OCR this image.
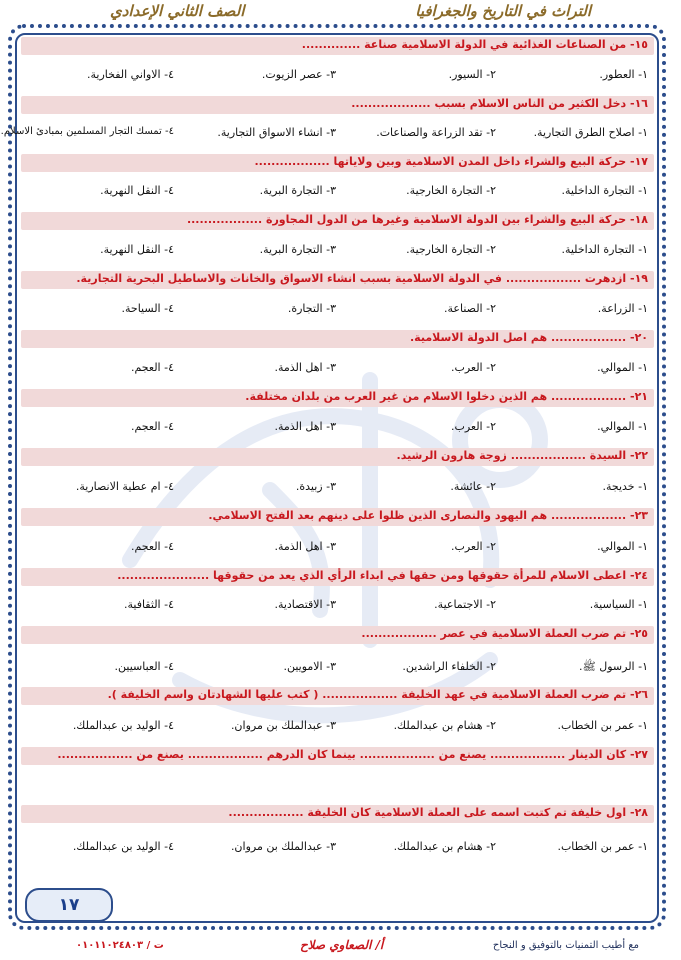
التراث في التاريخ والجغرافيا
الصف الثاني الإعدادي
١٥- من الصناعات الغذائية في الدولة الاسلامية صناعة ..............
١- العطور.
٢- السيور.
٣- عصر الزيوت.
٤- الاواني الفخارية.
١٦- دخل الكثير من الناس الاسلام بسبب ...................
١- اصلاح الطرق التجارية.
٢- تقد الزراعة والصناعات.
٣- انشاء الاسواق التجارية.
٤- تمسك التجار المسلمين بمبادئ الاسلام.
١٧- حركة البيع والشراء داخل المدن الاسلامية وبين ولاياتها ..................
١- التجارة الداخلية.
٢- التجارة الخارجية.
٣- التجارة البرية.
٤- النقل النهرية.
١٨- حركة البيع والشراء بين الدولة الاسلامية وغيرها من الدول المجاورة ..................
١- التجارة الداخلية.
٢- التجارة الخارجية.
٣- التجارة البرية.
٤- النقل النهرية.
١٩- ازدهرت .................. في الدولة الاسلامية بسبب انشاء الاسواق والخانات والاساطيل البحرية التجارية.
١- الزراعة.
٢- الصناعة.
٣- التجارة.
٤- السياحة.
٢٠- .................. هم اصل الدولة الاسلامية.
١- الموالي.
٢- العرب.
٣- اهل الذمة.
٤- العجم.
٢١- .................. هم الذين دخلوا الاسلام من غير العرب من بلدان مختلفة.
١- الموالي.
٢- العرب.
٣- اهل الذمة.
٤- العجم.
٢٢- السيدة .................. زوجة هارون الرشيد.
١- خديجة.
٢- عائشة.
٣- زبيدة.
٤- ام عطية الانصارية.
٢٣- .................. هم اليهود والنصارى الذين ظلوا على دينهم بعد الفتح الاسلامي.
١- الموالي.
٢- العرب.
٣- اهل الذمة.
٤- العجم.
٢٤- اعطى الاسلام للمرأة حقوقها ومن حقها في ابداء الرأي الذي يعد من حقوقها ......................
١- السياسية.
٢- الاجتماعية.
٣- الاقتصادية.
٤- الثقافية.
٢٥- تم ضرب العملة الاسلامية في عصر ..................
١- الرسول ﷺ.
٢- الخلفاء الراشدين.
٣- الامويين.
٤- العباسيين.
٢٦- تم ضرب العملة الاسلامية في عهد الخليفة .................. ( كتب عليها الشهادتان واسم الخليفة ).
١- عمر بن الخطاب.
٢- هشام بن عبدالملك.
٣- عبدالملك بن مروان.
٤- الوليد بن عبدالملك.
٢٧- كان الدينار .................. يصنع من .................. بينما كان الدرهم .................. يصنع من ..................
٢٨- اول خليفة تم كتبت اسمه على العملة الاسلامية كان الخليفة ..................
١- عمر بن الخطاب.
٢- هشام بن عبدالملك.
٣- عبدالملك بن مروان.
٤- الوليد بن عبدالملك.
١٧
مع أطيب التمنيات بالتوفيق و النجاح
أ/ الصعاوي صلاح
ت / ٠١٠١١٠٢٤٨٠٣
